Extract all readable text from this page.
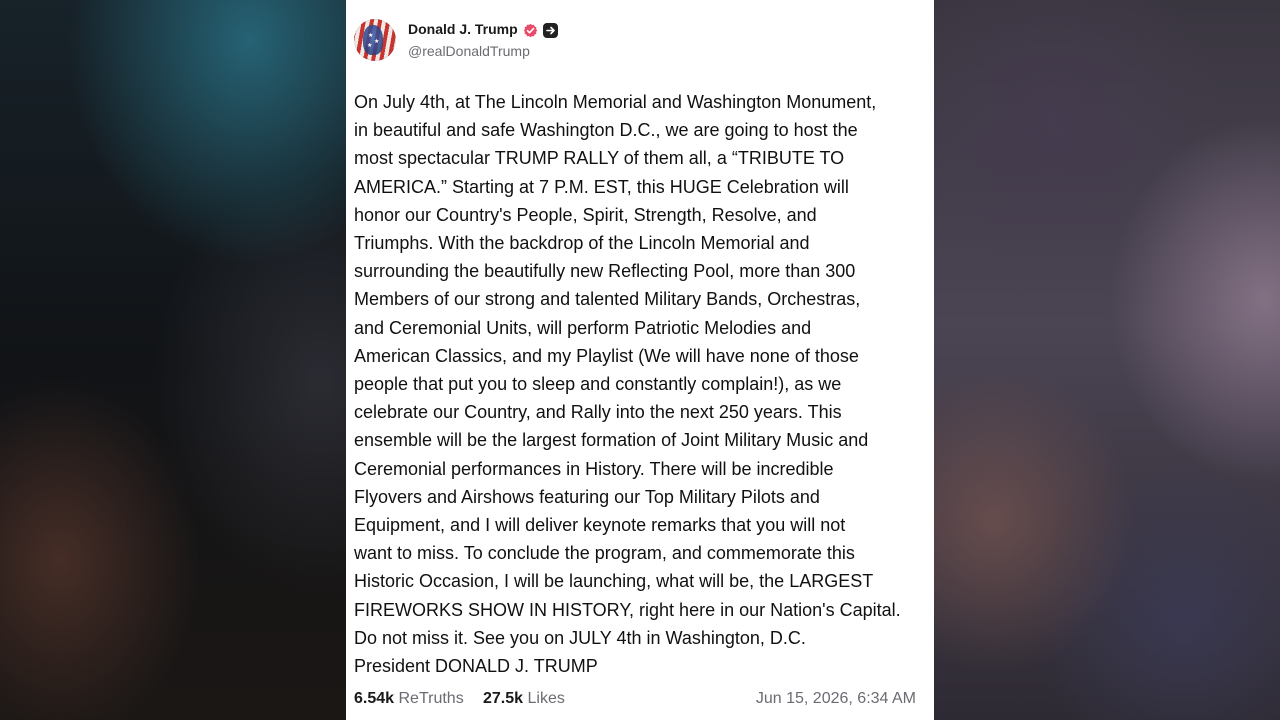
★
★
★
Donald J. Trump
@realDonaldTrump
On July 4th, at The Lincoln Memorial and Washington Monument,
in beautiful and safe Washington D.C., we are going to host the
most spectacular TRUMP RALLY of them all, a “TRIBUTE TO
AMERICA.” Starting at 7 P.M. EST, this HUGE Celebration will
honor our Country's People, Spirit, Strength, Resolve, and
Triumphs. With the backdrop of the Lincoln Memorial and
surrounding the beautifully new Reflecting Pool, more than 300
Members of our strong and talented Military Bands, Orchestras,
and Ceremonial Units, will perform Patriotic Melodies and
American Classics, and my Playlist (We will have none of those
people that put you to sleep and constantly complain!), as we
celebrate our Country, and Rally into the next 250 years. This
ensemble will be the largest formation of Joint Military Music and
Ceremonial performances in History. There will be incredible
Flyovers and Airshows featuring our Top Military Pilots and
Equipment, and I will deliver keynote remarks that you will not
want to miss. To conclude the program, and commemorate this
Historic Occasion, I will be launching, what will be, the LARGEST
FIREWORKS SHOW IN HISTORY, right here in our Nation's Capital.
Do not miss it. See you on JULY 4th in Washington, D.C.
President DONALD J. TRUMP
6.54k ReTruths 27.5k Likes	Jun 15, 2026, 6:34 AM
